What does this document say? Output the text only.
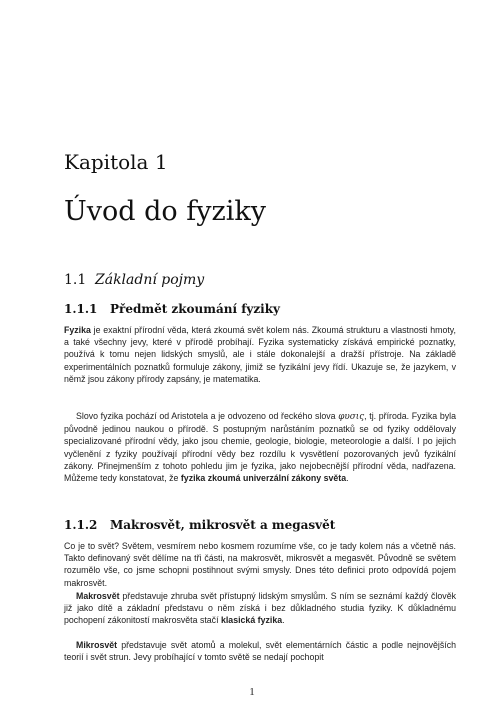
Kapitola 1
Úvod do fyziky
1.1 Základní pojmy
1.1.1 Předmět zkoumání fyziky

Fyzika je exaktní přírodní věda, která zkoumá svět kolem nás. Zkoumá strukturu a vlastnosti hmoty, a také všechny jevy, které v přírodě probíhají. Fyzika systematicky získává empirické poznatky, používá k tomu nejen lidských smyslů, ale i stále dokonalejší a dražší přístroje. Na základě experimentálních poznatků formuluje zákony, jimiž se fyzikální jevy řídí. Ukazuje se, že jazykem, v němž jsou zákony přírody zapsány, je matematika.

Slovo fyzika pochází od Aristotela a je odvozeno od řeckého slova φυσις, tj. příroda. Fyzika byla původně jedinou naukou o přírodě. S postupným narůstáním poznatků se od fyziky oddělovaly specializované přírodní vědy, jako jsou chemie, geologie, biologie, meteorologie a další. I po jejich vyčlenění z fyziky používají přírodní vědy bez rozdílu k vysvětlení pozorovaných jevů fyzikální zákony. Přinejmenším z tohoto pohledu jim je fyzika, jako nejobecnější přírodní věda, nadřazena. Můžeme tedy konstatovat, že fyzika zkoumá univerzální zákony světa.

1.1.2 Makrosvět, mikrosvět a megasvět

Co je to svět? Světem, vesmírem nebo kosmem rozumíme vše, co je tady kolem nás a včetně nás. Takto definovaný svět dělíme na tři části, na makrosvět, mikrosvět a megasvět. Původně se světem rozumělo vše, co jsme schopni postihnout svými smysly. Dnes této definici proto odpovídá pojem makrosvět.

Makrosvět představuje zhruba svět přístupný lidským smyslům. S ním se seznámí každý člověk již jako dítě a základní představu o něm získá i bez důkladného studia fyziky. K důkladnému pochopení zákonitostí makrosvěta stačí klasická fyzika.

Mikrosvět představuje svět atomů a molekul, svět elementárních částic a podle nejnovějších teorií i svět strun. Jevy probíhající v tomto světě se nedají pochopit

1
